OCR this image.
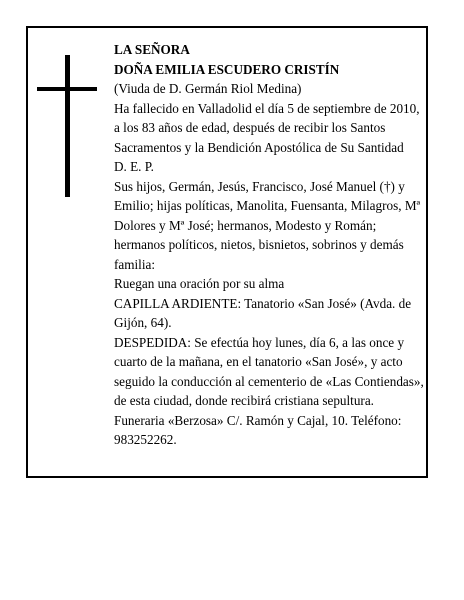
LA SEÑORA

DOÑA EMILIA ESCUDERO CRISTÍN

(Viuda de D. Germán Riol Medina)

Ha fallecido en Valladolid el día 5 de septiembre de 2010, a los 83 años de edad, después de recibir los Santos Sacramentos y la Bendición Apostólica de Su Santidad

D. E. P.

Sus hijos, Germán, Jesús, Francisco, José Manuel (†) y Emilio; hijas políticas, Manolita, Fuensanta, Milagros, Mª Dolores y Mª José; hermanos, Modesto y Román; hermanos políticos, nietos, bisnietos, sobrinos y demás familia:

Ruegan una oración por su alma

CAPILLA ARDIENTE: Tanatorio «San José» (Avda. de Gijón, 64).

DESPEDIDA: Se efectúa hoy lunes, día 6, a las once y cuarto de la mañana, en el tanatorio «San José», y acto seguido la conducción al cementerio de «Las Contiendas», de esta ciudad, donde recibirá cristiana sepultura.

Funeraria «Berzosa» C/. Ramón y Cajal, 10. Teléfono: 983252262.
